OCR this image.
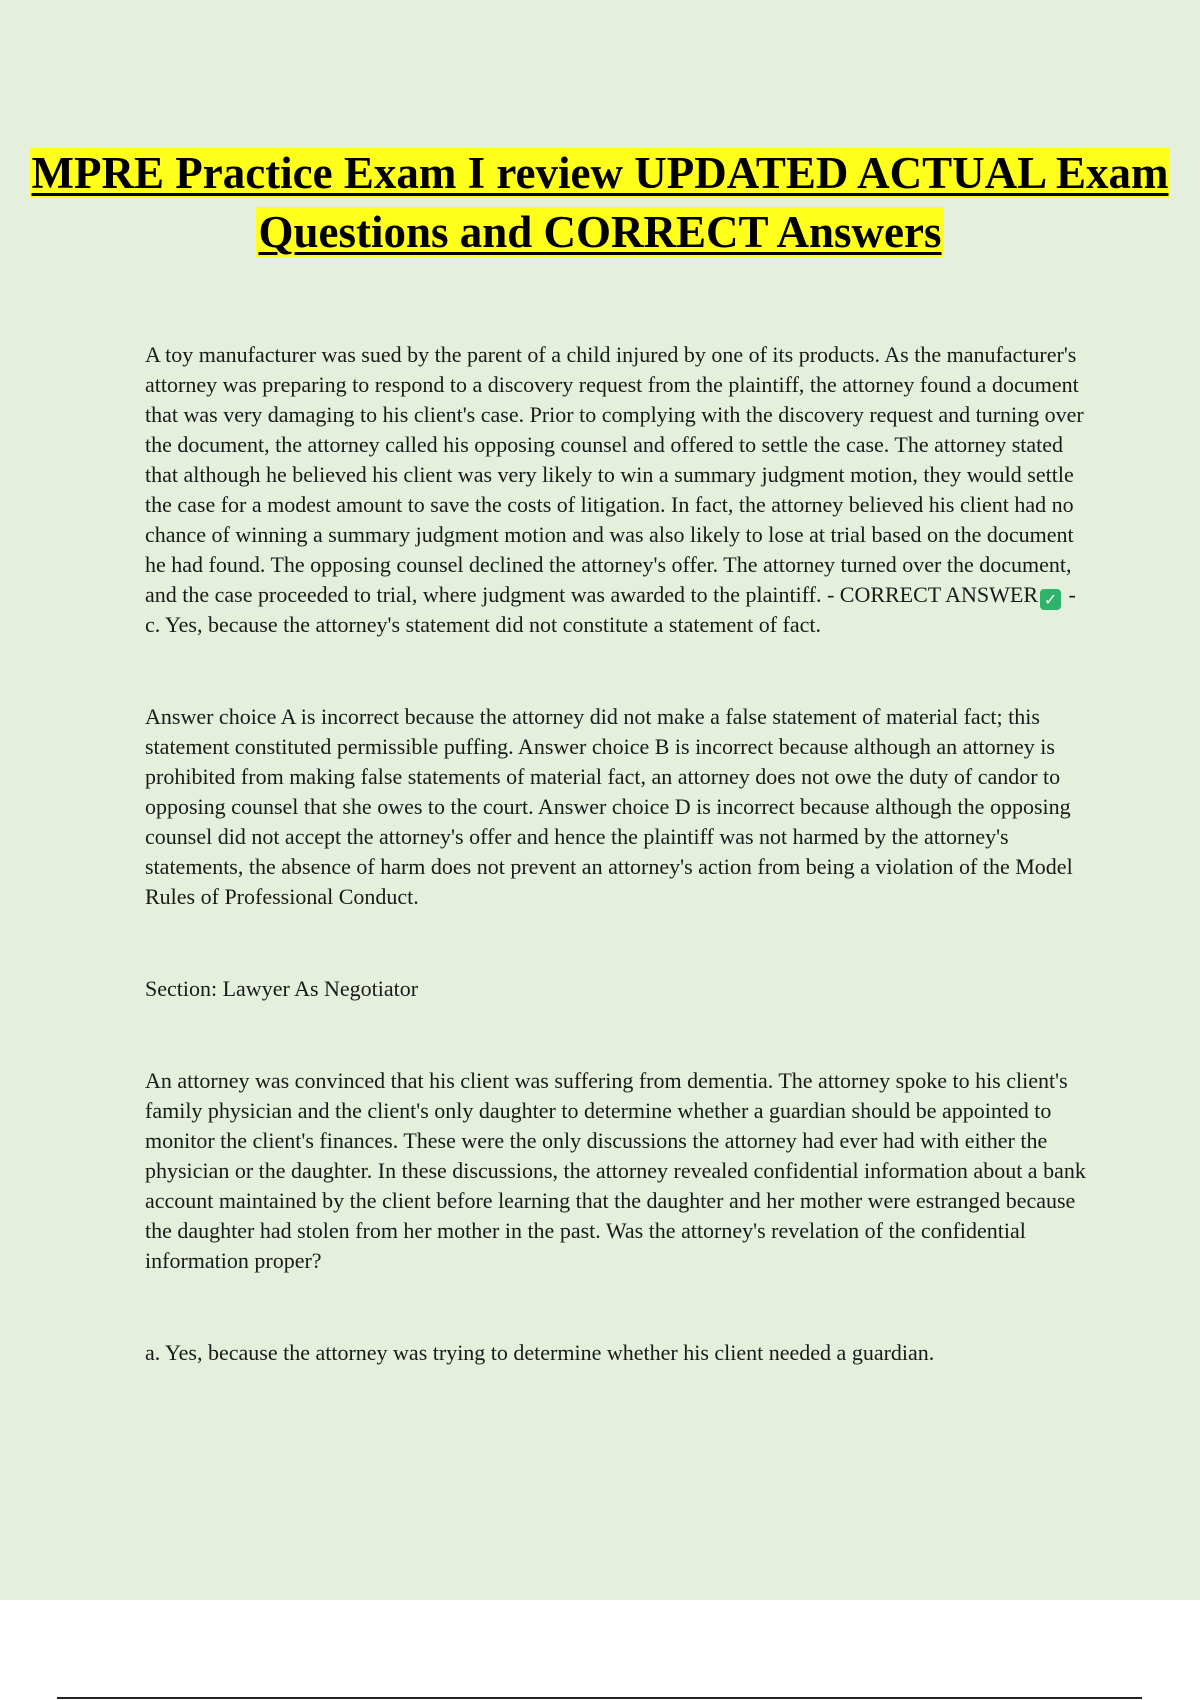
MPRE Practice Exam I review UPDATED ACTUAL Exam Questions and CORRECT Answers

A toy manufacturer was sued by the parent of a child injured by one of its products. As the manufacturer's attorney was preparing to respond to a discovery request from the plaintiff, the attorney found a document that was very damaging to his client's case. Prior to complying with the discovery request and turning over the document, the attorney called his opposing counsel and offered to settle the case. The attorney stated that although he believed his client was very likely to win a summary judgment motion, they would settle the case for a modest amount to save the costs of litigation. In fact, the attorney believed his client had no chance of winning a summary judgment motion and was also likely to lose at trial based on the document he had found. The opposing counsel declined the attorney's offer. The attorney turned over the document, and the case proceeded to trial, where judgment was awarded to the plaintiff. - CORRECT ANSWER ✓ - c. Yes, because the attorney's statement did not constitute a statement of fact.

Answer choice A is incorrect because the attorney did not make a false statement of material fact; this statement constituted permissible puffing. Answer choice B is incorrect because although an attorney is prohibited from making false statements of material fact, an attorney does not owe the duty of candor to opposing counsel that she owes to the court. Answer choice D is incorrect because although the opposing counsel did not accept the attorney's offer and hence the plaintiff was not harmed by the attorney's statements, the absence of harm does not prevent an attorney's action from being a violation of the Model Rules of Professional Conduct.

Section: Lawyer As Negotiator

An attorney was convinced that his client was suffering from dementia. The attorney spoke to his client's family physician and the client's only daughter to determine whether a guardian should be appointed to monitor the client's finances. These were the only discussions the attorney had ever had with either the physician or the daughter. In these discussions, the attorney revealed confidential information about a bank account maintained by the client before learning that the daughter and her mother were estranged because the daughter had stolen from her mother in the past. Was the attorney's revelation of the confidential information proper?

a. Yes, because the attorney was trying to determine whether his client needed a guardian.
